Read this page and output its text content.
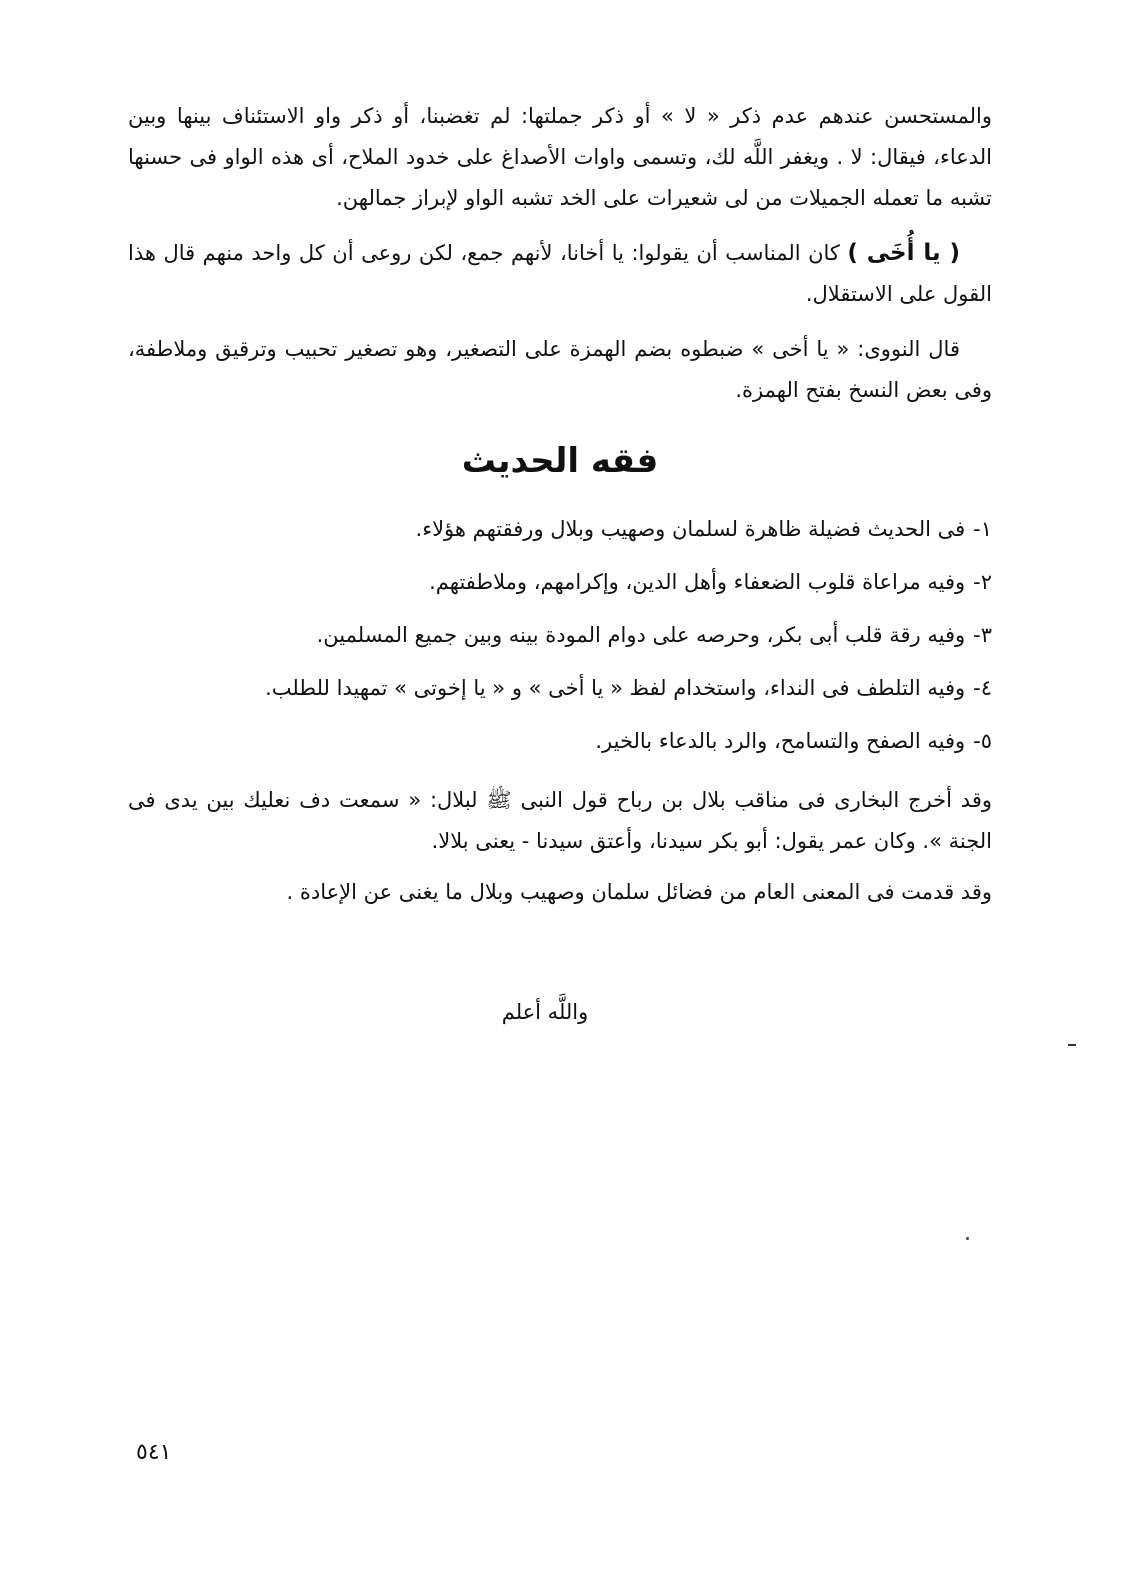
والمستحسن عندهم عدم ذكر « لا » أو ذكر جملتها: لم تغضبنا، أو ذكر واو الاستئناف بينها وبين الدعاء، فيقال: لا . ويغفر اللَّه لك، وتسمى واوات الأصداغ على خدود الملاح، أى هذه الواو فى حسنها تشبه ما تعمله الجميلات من لى شعيرات على الخد تشبه الواو لإبراز جمالهن.

( يا أُخَى ) كان المناسب أن يقولوا: يا أخانا، لأنهم جمع، لكن روعى أن كل واحد منهم قال هذا القول على الاستقلال.

قال النووى: « يا أخى » ضبطوه بضم الهمزة على التصغير، وهو تصغير تحبيب وترقيق وملاطفة، وفى بعض النسخ بفتح الهمزة.

فقه الحديث
١-فى الحديث فضيلة ظاهرة لسلمان وصهيب وبلال ورفقتهم هؤلاء.
٢-وفيه مراعاة قلوب الضعفاء وأهل الدين، وإكرامهم، وملاطفتهم.
٣-وفيه رقة قلب أبى بكر، وحرصه على دوام المودة بينه وبين جميع المسلمين.
٤-وفيه التلطف فى النداء، واستخدام لفظ « يا أخى » و « يا إخوتى » تمهيدا للطلب.
٥-وفيه الصفح والتسامح، والرد بالدعاء بالخير.

وقد أخرج البخارى فى مناقب بلال بن رباح قول النبى ﷺ لبلال: « سمعت دف نعليك بين يدى فى الجنة ». وكان عمر يقول: أبو بكر سيدنا، وأعتق سيدنا - يعنى بلالا.

وقد قدمت فى المعنى العام من فضائل سلمان وصهيب وبلال ما يغنى عن الإعادة .

واللَّه أعلم
٥٤١
